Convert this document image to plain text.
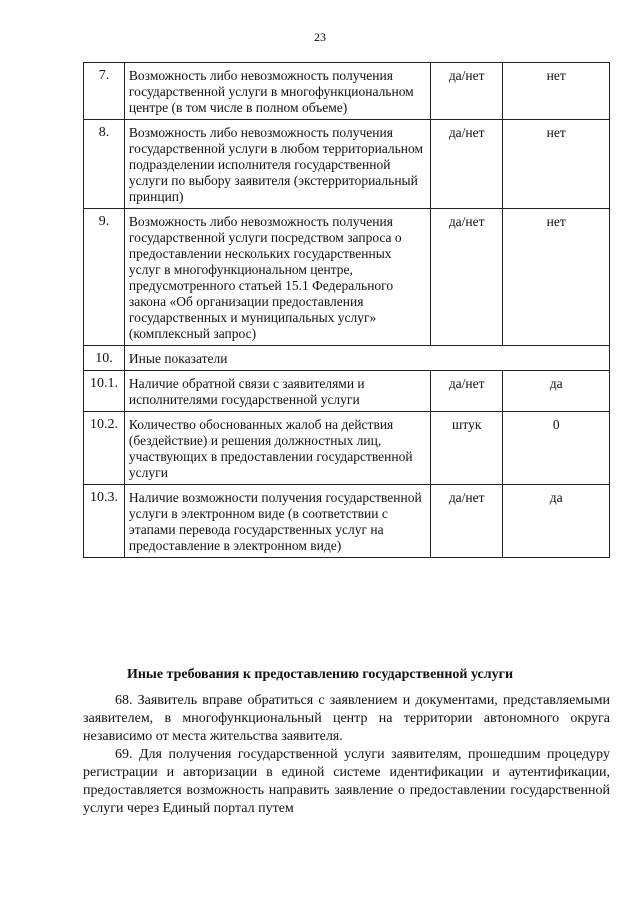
23
7.	Возможность либо невозможность получения государственной услуги в многофункциональном центре (в том числе в полном объеме)	да/нет	нет
8.	Возможность либо невозможность получения государственной услуги в любом территориальном подразделении исполнителя государственной услуги по выбору заявителя (экстерриториальный принцип)	да/нет	нет
9.	Возможность либо невозможность получения государственной услуги посредством запроса о предоставлении нескольких государственных услуг в многофункциональном центре, предусмотренного статьей 15.1 Федерального закона «Об организации предоставления государственных и муниципальных услуг» (комплексный запрос)	да/нет	нет
10.	Иные показатели		
10.1.	Наличие обратной связи с заявителями и исполнителями государственной услуги	да/нет	да
10.2.	Количество обоснованных жалоб на действия (бездействие) и решения должностных лиц, участвующих в предоставлении государственной услуги	штук	0
10.3.	Наличие возможности получения государственной услуги в электронном виде (в соответствии с этапами перевода государственных услуг на предоставление в электронном виде)	да/нет	да
Иные требования к предоставлению государственной услуги

68. Заявитель вправе обратиться с заявлением и документами, представляемыми заявителем, в многофункциональный центр на территории автономного округа независимо от места жительства заявителя.

69. Для получения государственной услуги заявителям, прошедшим процедуру регистрации и авторизации в единой системе идентификации и аутентификации, предоставляется возможность направить заявление о предоставлении государственной услуги через Единый портал путем
